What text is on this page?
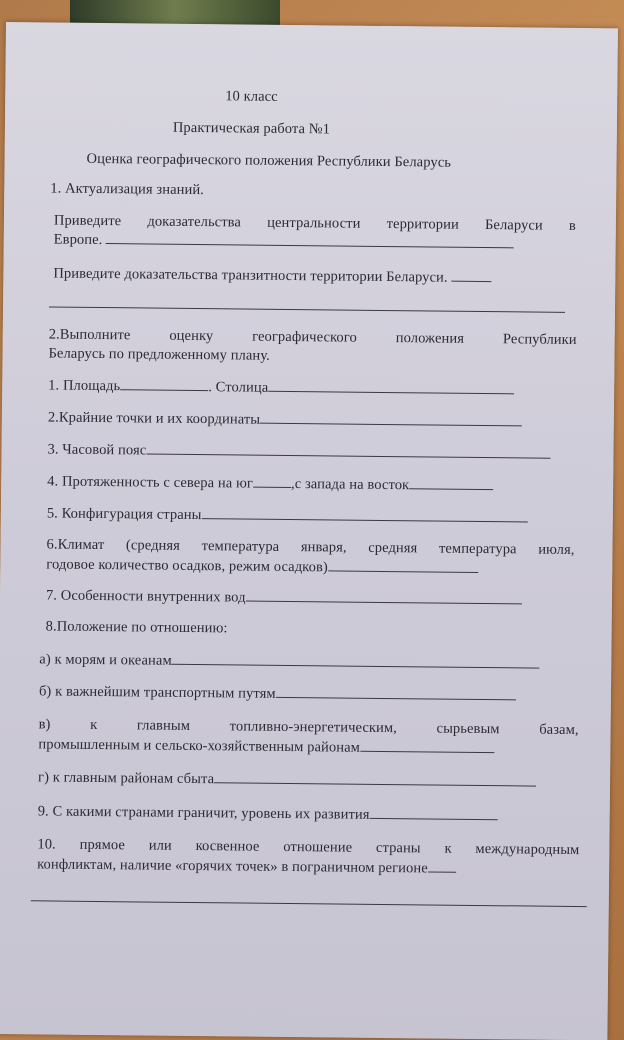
10 класс
Практическая работа №1
Оценка географического положения Республики Беларусь
1. Актуализация знаний.
Приведите доказательства центральности территории Беларуси в
Европе.
Приведите доказательства транзитности территории Беларуси.
2.Выполните оценку географического положения Республики
Беларусь по предложенному плану.
1. Площадь	. Столица
2.Крайние точки и их координаты
3. Часовой пояс
4. Протяженность с севера на юг	,с запада на восток
5. Конфигурация страны
6.Климат (средняя температура января, средняя температура июля,
годовое количество осадков, режим осадков)
7. Особенности внутренних вод
8.Положение по отношению:
а) к морям и океанам
б) к важнейшим транспортным путям
в) к главным топливно-энергетическим, сырьевым базам,
промышленным и сельско-хозяйственным районам
г) к главным районам сбыта
9. С какими странами граничит, уровень их развития
10. прямое или косвенное отношение страны к международным
конфликтам, наличие «горячих точек» в пограничном регионе
